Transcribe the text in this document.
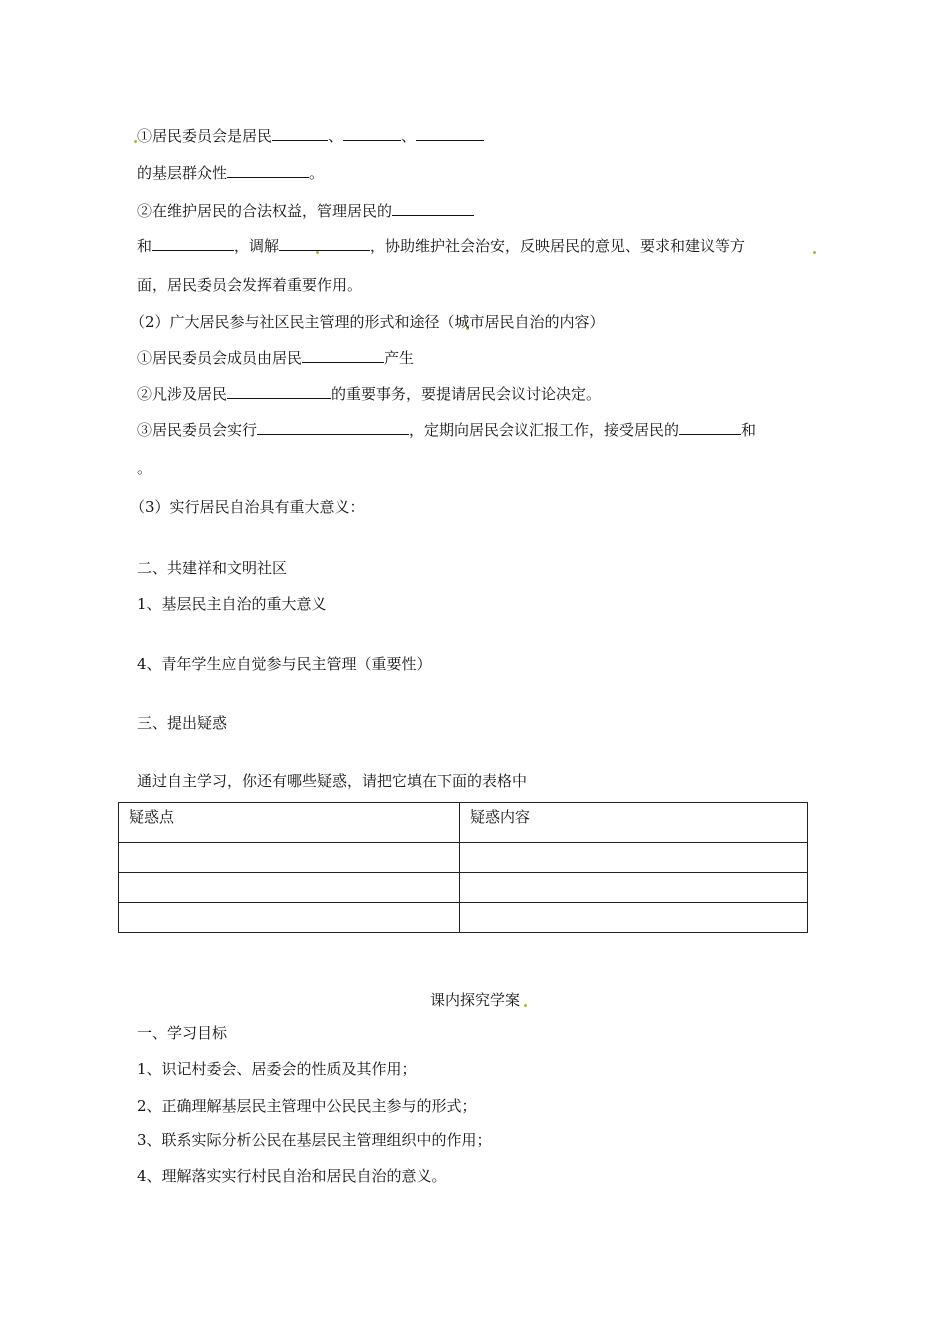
①居民委员会是居民	、	、
的基层群众性	。
②在维护居民的合法权益，管理居民的
和	，调解	，协助维护社会治安，反映居民的意见、要求和建议等方
面，居民委员会发挥着重要作用。
（2）广大居民参与社区民主管理的形式和途径（城市居民自治的内容）
①居民委员会成员由居民	产生
②凡涉及居民	的重要事务，要提请居民会议讨论决定。
③居民委员会实行	，定期向居民会议汇报工作，接受居民的	和
。
（3）实行居民自治具有重大意义：
二、共建祥和文明社区
1、基层民主自治的重大意义
4、青年学生应自觉参与民主管理（重要性）
三、提出疑惑
通过自主学习，你还有哪些疑惑，请把它填在下面的表格中
疑惑点	疑惑内容

课内探究学案
一、学习目标
1、识记村委会、居委会的性质及其作用；
2、正确理解基层民主管理中公民民主参与的形式；
3、联系实际分析公民在基层民主管理组织中的作用；
4、理解落实实行村民自治和居民自治的意义。
